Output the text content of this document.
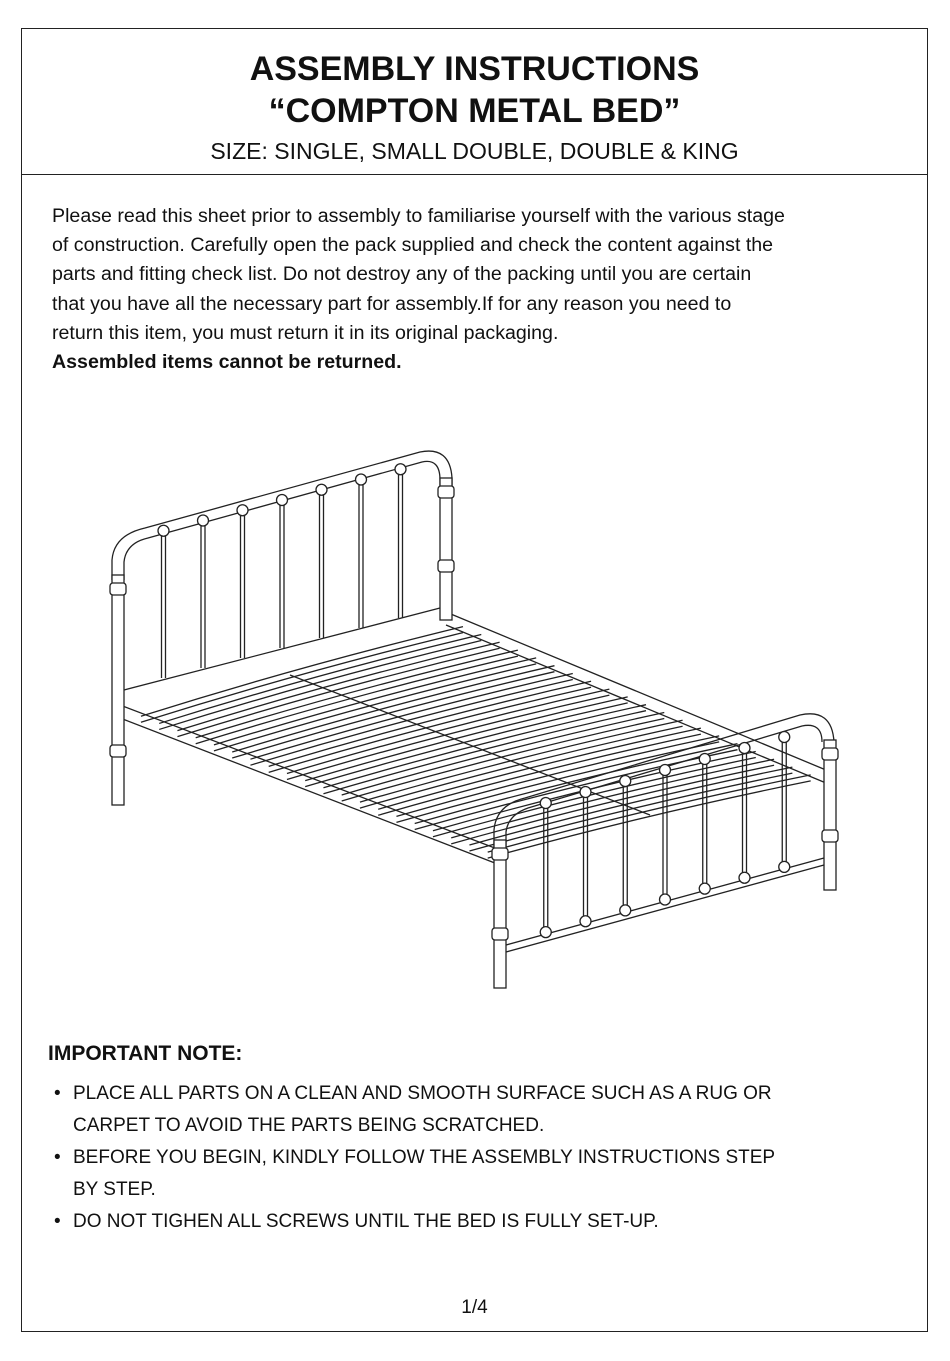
ASSEMBLY INSTRUCTIONS
“COMPTON METAL BED”
SIZE: SINGLE, SMALL DOUBLE, DOUBLE & KING

Please read this sheet prior to assembly to familiarise yourself with the various stage

of construction. Carefully open the pack supplied and check the content against the

parts and fitting check list. Do not destroy any of the packing until you are certain

that you have all the necessary part for assembly.If for any reason you need to

return this item, you must return it in its original packaging.

Assembled items cannot be returned.

IMPORTANT NOTE:
• PLACE ALL PARTS ON A CLEAN AND SMOOTH SURFACE SUCH AS A RUG OR
CARPET TO AVOID THE PARTS BEING SCRATCHED.
• BEFORE YOU BEGIN, KINDLY FOLLOW THE ASSEMBLY INSTRUCTIONS STEP
BY STEP.
• DO NOT TIGHEN ALL SCREWS UNTIL THE BED IS FULLY SET-UP.
1/4
